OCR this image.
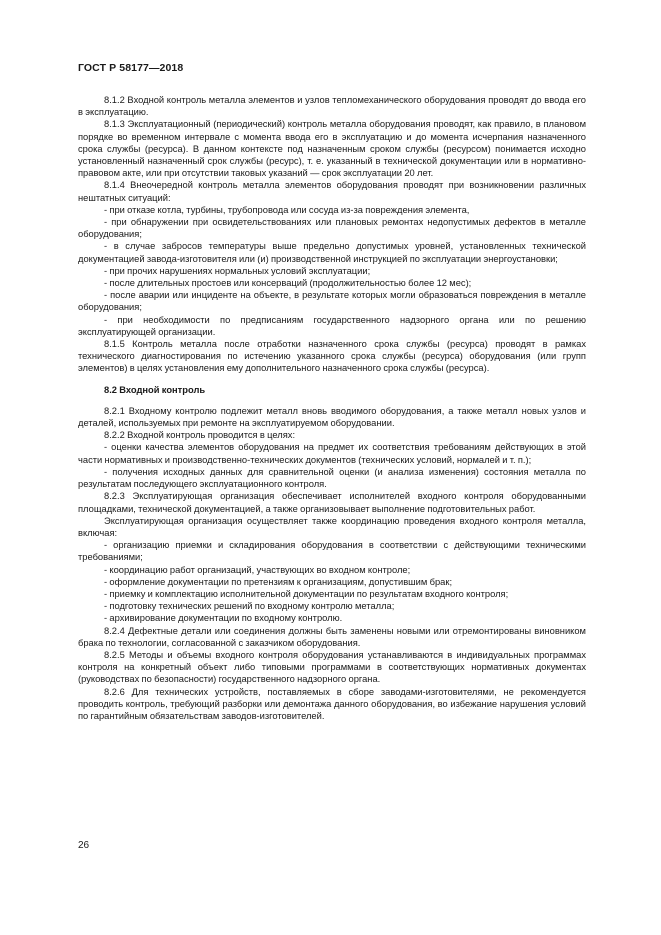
ГОСТ Р 58177—2018

8.1.2 Входной контроль металла элементов и узлов тепломеханического оборудования проводят до ввода его в эксплуатацию.

8.1.3 Эксплуатационный (периодический) контроль металла оборудования проводят, как правило, в плановом порядке во временном интервале с момента ввода его в эксплуатацию и до момента исчерпания назначенного срока службы (ресурса). В данном контексте под назначенным сроком службы (ресурсом) понимается исходно установленный назначенный срок службы (ресурс), т. е. указанный в технической документации или в нормативно-правовом акте, или при отсутствии таковых указаний — срок эксплуатации 20 лет.

8.1.4 Внеочередной контроль металла элементов оборудования проводят при возникновении различных нештатных ситуаций:

- при отказе котла, турбины, трубопровода или сосуда из-за повреждения элемента,

- при обнаружении при освидетельствованиях или плановых ремонтах недопустимых дефектов в металле оборудования;

- в случае забросов температуры выше предельно допустимых уровней, установленных технической документацией завода-изготовителя или (и) производственной инструкцией по эксплуатации энергоустановки;

- при прочих нарушениях нормальных условий эксплуатации;

- после длительных простоев или консерваций (продолжительностью более 12 мес);

- после аварии или инциденте на объекте, в результате которых могли образоваться повреждения в металле оборудования;

- при необходимости по предписаниям государственного надзорного органа или по решению эксплуатирующей организации.

8.1.5 Контроль металла после отработки назначенного срока службы (ресурса) проводят в рамках технического диагностирования по истечению указанного срока службы (ресурса) оборудования (или групп элементов) в целях установления ему дополнительного назначенного срока службы (ресурса).

8.2 Входной контроль

8.2.1 Входному контролю подлежит металл вновь вводимого оборудования, а также металл новых узлов и деталей, используемых при ремонте на эксплуатируемом оборудовании.

8.2.2 Входной контроль проводится в целях:

- оценки качества элементов оборудования на предмет их соответствия требованиям действующих в этой части нормативных и производственно-технических документов (технических условий, нормалей и т. п.);

- получения исходных данных для сравнительной оценки (и анализа изменения) состояния металла по результатам последующего эксплуатационного контроля.

8.2.3 Эксплуатирующая организация обеспечивает исполнителей входного контроля оборудованными площадками, технической документацией, а также организовывает выполнение подготовительных работ.

Эксплуатирующая организация осуществляет также координацию проведения входного контроля металла, включая:

- организацию приемки и складирования оборудования в соответствии с действующими техническими требованиями;

- координацию работ организаций, участвующих во входном контроле;

- оформление документации по претензиям к организациям, допустившим брак;

- приемку и комплектацию исполнительной документации по результатам входного контроля;

- подготовку технических решений по входному контролю металла;

- архивирование документации по входному контролю.

8.2.4 Дефектные детали или соединения должны быть заменены новыми или отремонтированы виновником брака по технологии, согласованной с заказчиком оборудования.

8.2.5 Методы и объемы входного контроля оборудования устанавливаются в индивидуальных программах контроля на конкретный объект либо типовыми программами в соответствующих нормативных документах (руководствах по безопасности) государственного надзорного органа.

8.2.6 Для технических устройств, поставляемых в сборе заводами-изготовителями, не рекомендуется проводить контроль, требующий разборки или демонтажа данного оборудования, во избежание нарушения условий по гарантийным обязательствам заводов-изготовителей.

26
